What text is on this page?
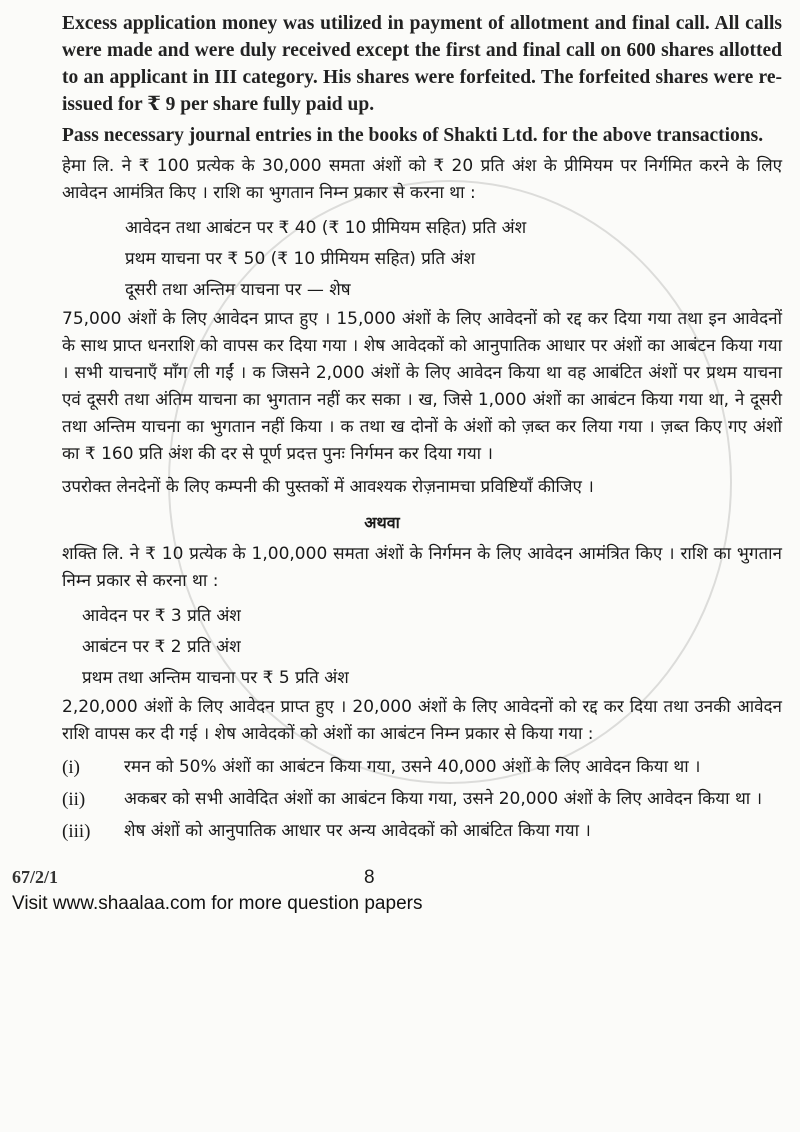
Excess application money was utilized in payment of allotment and final call. All calls were made and were duly received except the first and final call on 600 shares allotted to an applicant in III category. His shares were forfeited. The forfeited shares were re-issued for ₹ 9 per share fully paid up.

Pass necessary journal entries in the books of Shakti Ltd. for the above transactions.

हेमा लि. ने ₹ 100 प्रत्येक के 30,000 समता अंशों को ₹ 20 प्रति अंश के प्रीमियम पर निर्गमित करने के लिए आवेदन आमंत्रित किए । राशि का भुगतान निम्न प्रकार से करना था :

आवेदन तथा आबंटन पर ₹ 40 (₹ 10 प्रीमियम सहित) प्रति अंश
प्रथम याचना पर ₹ 50 (₹ 10 प्रीमियम सहित) प्रति अंश
दूसरी तथा अन्तिम याचना पर — शेष

75,000 अंशों के लिए आवेदन प्राप्त हुए । 15,000 अंशों के लिए आवेदनों को रद्द कर दिया गया तथा इन आवेदनों के साथ प्राप्त धनराशि को वापस कर दिया गया । शेष आवेदकों को आनुपातिक आधार पर अंशों का आबंटन किया गया । सभी याचनाएँ माँग ली गईं । क जिसने 2,000 अंशों के लिए आवेदन किया था वह आबंटित अंशों पर प्रथम याचना एवं दूसरी तथा अंतिम याचना का भुगतान नहीं कर सका । ख, जिसे 1,000 अंशों का आबंटन किया गया था, ने दूसरी तथा अन्तिम याचना का भुगतान नहीं किया । क तथा ख दोनों के अंशों को ज़ब्त कर लिया गया । ज़ब्त किए गए अंशों का ₹ 160 प्रति अंश की दर से पूर्ण प्रदत्त पुनः निर्गमन कर दिया गया ।

उपरोक्त लेनदेनों के लिए कम्पनी की पुस्तकों में आवश्यक रोज़नामचा प्रविष्टियाँ कीजिए ।

अथवा

शक्ति लि. ने ₹ 10 प्रत्येक के 1,00,000 समता अंशों के निर्गमन के लिए आवेदन आमंत्रित किए । राशि का भुगतान निम्न प्रकार से करना था :

आवेदन पर ₹ 3 प्रति अंश
आबंटन पर ₹ 2 प्रति अंश
प्रथम तथा अन्तिम याचना पर ₹ 5 प्रति अंश

2,20,000 अंशों के लिए आवेदन प्राप्त हुए । 20,000 अंशों के लिए आवेदनों को रद्द कर दिया तथा उनकी आवेदन राशि वापस कर दी गई । शेष आवेदकों को अंशों का आबंटन निम्न प्रकार से किया गया :

(i)	रमन को 50% अंशों का आबंटन किया गया, उसने 40,000 अंशों के लिए आवेदन किया था ।
(ii) अकबर को सभी आवेदित अंशों का आबंटन किया गया, उसने 20,000 अंशों के लिए आवेदन किया था ।
(iii) शेष अंशों को आनुपातिक आधार पर अन्य आवेदकों को आबंटित किया गया ।
67/2/1	8
Visit www.shaalaa.com for more question papers
